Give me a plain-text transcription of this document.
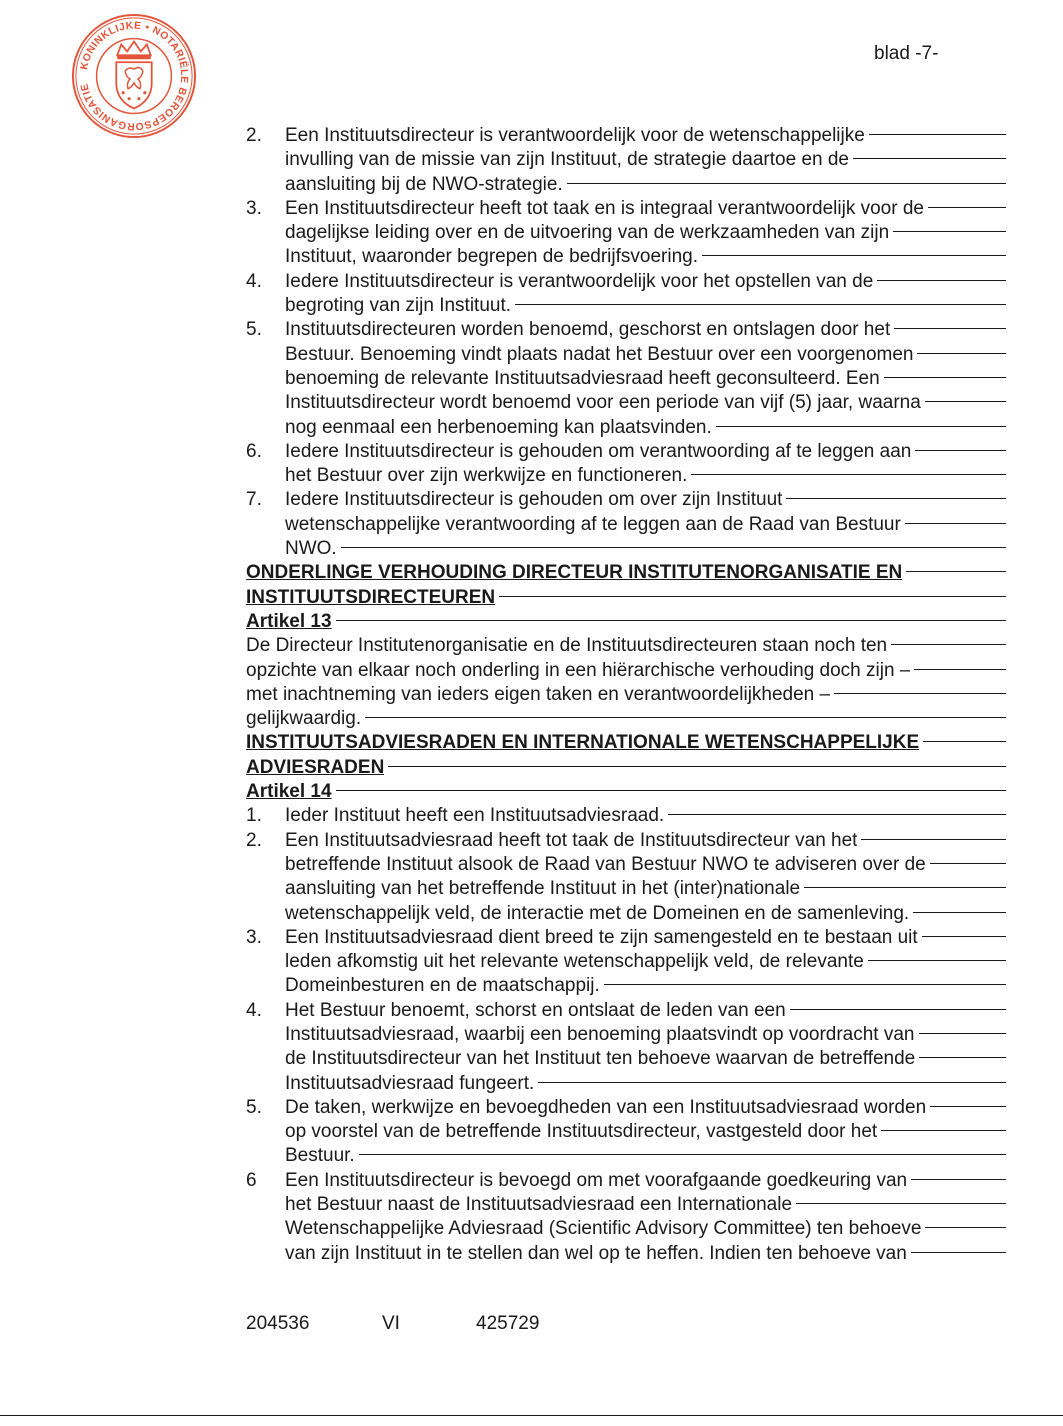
KONINKLIJKE • NOTARIËLE BEROEPSORGANISATIE
blad -7-
2.	Een Instituutsdirecteur is verantwoordelijk voor de wetenschappelijke
invulling van de missie van zijn Instituut, de strategie daartoe en de
aansluiting bij de NWO-strategie.
3.	Een Instituutsdirecteur heeft tot taak en is integraal verantwoordelijk voor de
dagelijkse leiding over en de uitvoering van de werkzaamheden van zijn
Instituut, waaronder begrepen de bedrijfsvoering.
4.	Iedere Instituutsdirecteur is verantwoordelijk voor het opstellen van de
begroting van zijn Instituut.
5.	Instituutsdirecteuren worden benoemd, geschorst en ontslagen door het
Bestuur. Benoeming vindt plaats nadat het Bestuur over een voorgenomen
benoeming de relevante Instituutsadviesraad heeft geconsulteerd. Een
Instituutsdirecteur wordt benoemd voor een periode van vijf (5) jaar, waarna
nog eenmaal een herbenoeming kan plaatsvinden.
6.	Iedere Instituutsdirecteur is gehouden om verantwoording af te leggen aan
het Bestuur over zijn werkwijze en functioneren.
7.	Iedere Instituutsdirecteur is gehouden om over zijn Instituut
wetenschappelijke verantwoording af te leggen aan de Raad van Bestuur
NWO.
ONDERLINGE VERHOUDING DIRECTEUR INSTITUTENORGANISATIE EN
INSTITUUTSDIRECTEUREN
Artikel 13
De Directeur Institutenorganisatie en de Instituutsdirecteuren staan noch ten
opzichte van elkaar noch onderling in een hiërarchische verhouding doch zijn –
met inachtneming van ieders eigen taken en verantwoordelijkheden –
gelijkwaardig.
INSTITUUTSADVIESRADEN EN INTERNATIONALE WETENSCHAPPELIJKE
ADVIESRADEN
Artikel 14
1.	Ieder Instituut heeft een Instituutsadviesraad.
2.	Een Instituutsadviesraad heeft tot taak de Instituutsdirecteur van het
betreffende Instituut alsook de Raad van Bestuur NWO te adviseren over de
aansluiting van het betreffende Instituut in het (inter)nationale
wetenschappelijk veld, de interactie met de Domeinen en de samenleving.
3.	Een Instituutsadviesraad dient breed te zijn samengesteld en te bestaan uit
leden afkomstig uit het relevante wetenschappelijk veld, de relevante
Domeinbesturen en de maatschappij.
4.	Het Bestuur benoemt, schorst en ontslaat de leden van een
Instituutsadviesraad, waarbij een benoeming plaatsvindt op voordracht van
de Instituutsdirecteur van het Instituut ten behoeve waarvan de betreffende
Instituutsadviesraad fungeert.
5.	De taken, werkwijze en bevoegdheden van een Instituutsadviesraad worden
op voorstel van de betreffende Instituutsdirecteur, vastgesteld door het
Bestuur.
6	Een Instituutsdirecteur is bevoegd om met voorafgaande goedkeuring van
het Bestuur naast de Instituutsadviesraad een Internationale
Wetenschappelijke Adviesraad (Scientific Advisory Committee) ten behoeve
van zijn Instituut in te stellen dan wel op te heffen. Indien ten behoeve van
204536	VI	425729
